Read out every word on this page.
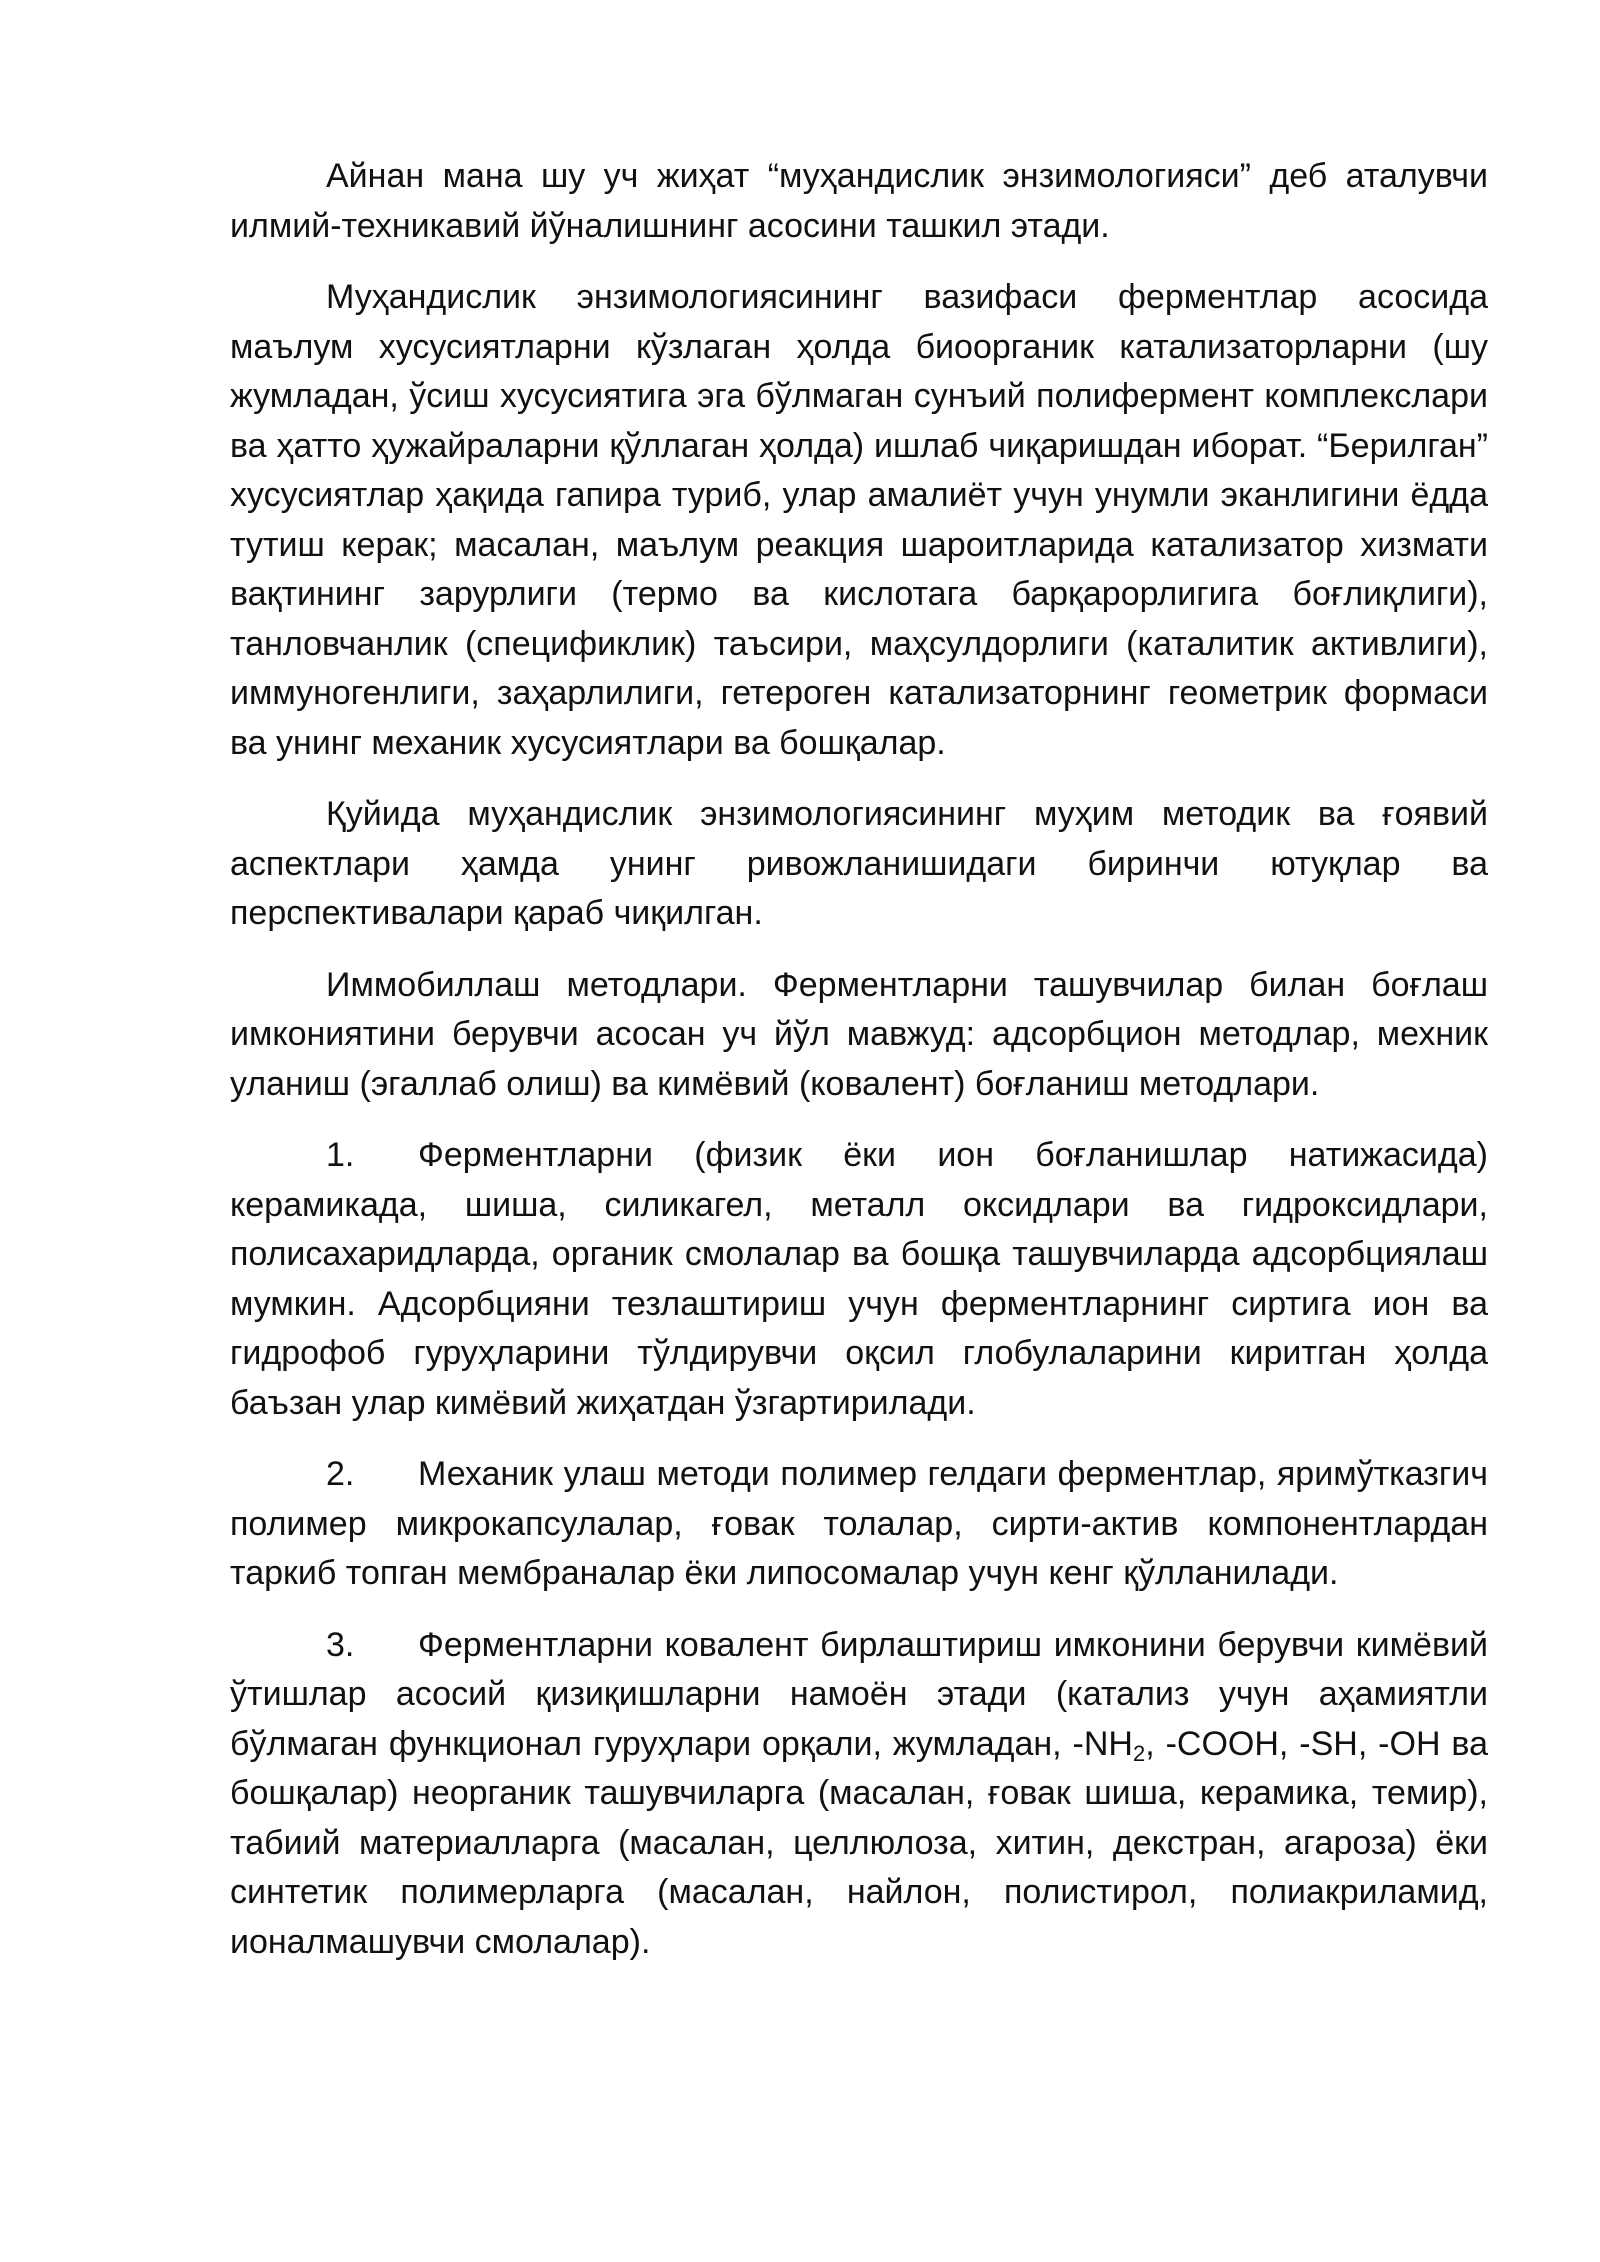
Айнан мана шу уч жиҳат “муҳандислик энзимологияси” деб аталувчи илмий-техникавий йўналишнинг асосини ташкил этади.

Муҳандислик энзимологиясининг вазифаси ферментлар асосида маълум хусусиятларни кўзлаган ҳолда биоорганик катализаторларни (шу жумладан, ўсиш хусусиятига эга бўлмаган сунъий полифермент комплекслари ва ҳатто ҳужайраларни қўллаган ҳолда) ишлаб чиқаришдан иборат. “Берилган” хусусиятлар ҳақида гапира туриб, улар амалиёт учун унумли эканлигини ёдда тутиш керак; масалан, маълум реакция шароитларида катализатор хизмати вақтининг зарурлиги (термо ва кислотага барқарорлигига боғлиқлиги), танловчанлик (спецификлик) таъсири, маҳсулдорлиги (каталитик активлиги), иммуногенлиги, заҳарлилиги, гетероген катализаторнинг геометрик формаси ва унинг механик хусусиятлари ва бошқалар.

Қуйида муҳандислик энзимологиясининг муҳим методик ва ғоявий аспектлари ҳамда унинг ривожланишидаги биринчи ютуқлар ва перспективалари қараб чиқилган.

Иммобиллаш методлари. Ферментларни ташувчилар билан боғлаш имкониятини берувчи асосан уч йўл мавжуд: адсорбцион методлар, мехник уланиш (эгаллаб олиш) ва кимёвий (ковалент) боғланиш методлари.

1. Ферментларни (физик ёки ион боғланишлар натижасида) керамикада, шиша, силикагел, металл оксидлари ва гидроксидлари, полисахаридларда, органик смолалар ва бошқа ташувчиларда адсорбциялаш мумкин. Адсорбцияни тезлаштириш учун ферментларнинг сиртига ион ва гидрофоб гуруҳларини тўлдирувчи оқсил глобулаларини киритган ҳолда баъзан улар кимёвий жиҳатдан ўзгартирилади.

2. Механик улаш методи полимер гелдаги ферментлар, яримўтказгич полимер микрокапсулалар, ғовак толалар, сирти-актив компонентлардан таркиб топган мембраналар ёки липосомалар учун кенг қўлланилади.

3. Ферментларни ковалент бирлаштириш имконини берувчи кимёвий ўтишлар асосий қизиқишларни намоён этади (катализ учун аҳамиятли бўлмаган функционал гуруҳлари орқали, жумладан, $-NH_2$, -COOH, -SH, -OH ва бошқалар) неорганик ташувчиларга (масалан, ғовак шиша, керамика, темир), табиий материалларга (масалан, целлюлоза, хитин, декстран, агароза) ёки синтетик полимерларга (масалан, найлон, полистирол, полиакриламид, ионалмашувчи смолалар).
